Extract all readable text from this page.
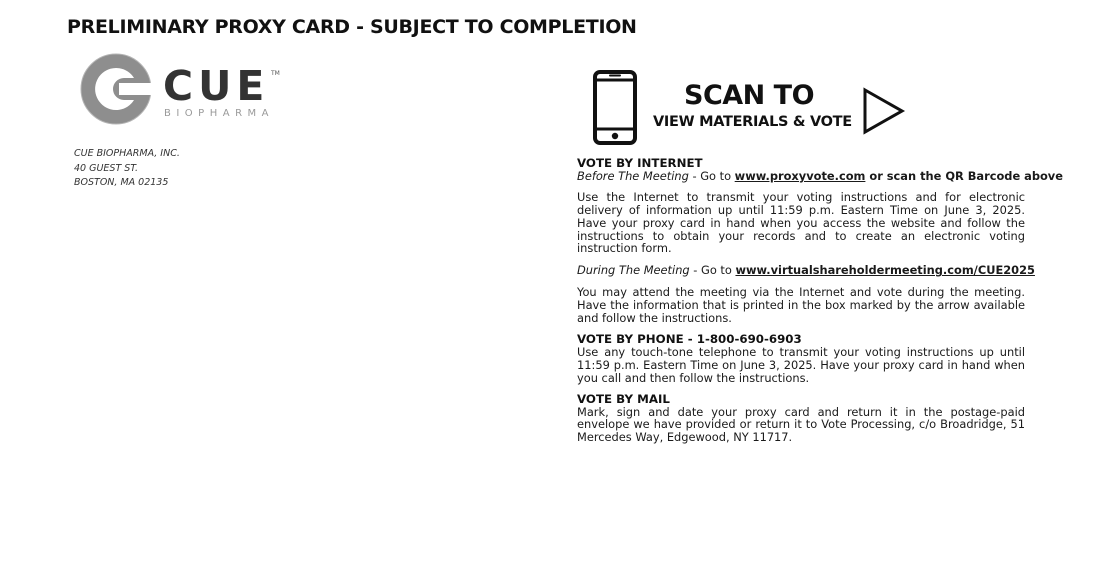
PRELIMINARY PROXY CARD - SUBJECT TO COMPLETION
CUE TM
BIOPHARMA
CUE BIOPHARMA, INC.
40 GUEST ST.
BOSTON, MA 02135
SCAN TO
VIEW MATERIALS & VOTE

VOTE BY INTERNET

Before The Meeting - Go to www.proxyvote.com or scan the QR Barcode above

Use the Internet to transmit your voting instructions and for electronic delivery of information up until 11:59 p.m. Eastern Time on June 3, 2025. Have your proxy card in hand when you access the website and follow the instructions to obtain your records and to create an electronic voting instruction form.

During The Meeting - Go to www.virtualshareholdermeeting.com/CUE2025

You may attend the meeting via the Internet and vote during the meeting. Have the information that is printed in the box marked by the arrow available and follow the instructions.

VOTE BY PHONE - 1-800-690-6903

Use any touch-tone telephone to transmit your voting instructions up until 11:59 p.m. Eastern Time on June 3, 2025. Have your proxy card in hand when you call and then follow the instructions.

VOTE BY MAIL

Mark, sign and date your proxy card and return it in the postage-paid envelope we have provided or return it to Vote Processing, c/o Broadridge, 51 Mercedes Way, Edgewood, NY 11717.
